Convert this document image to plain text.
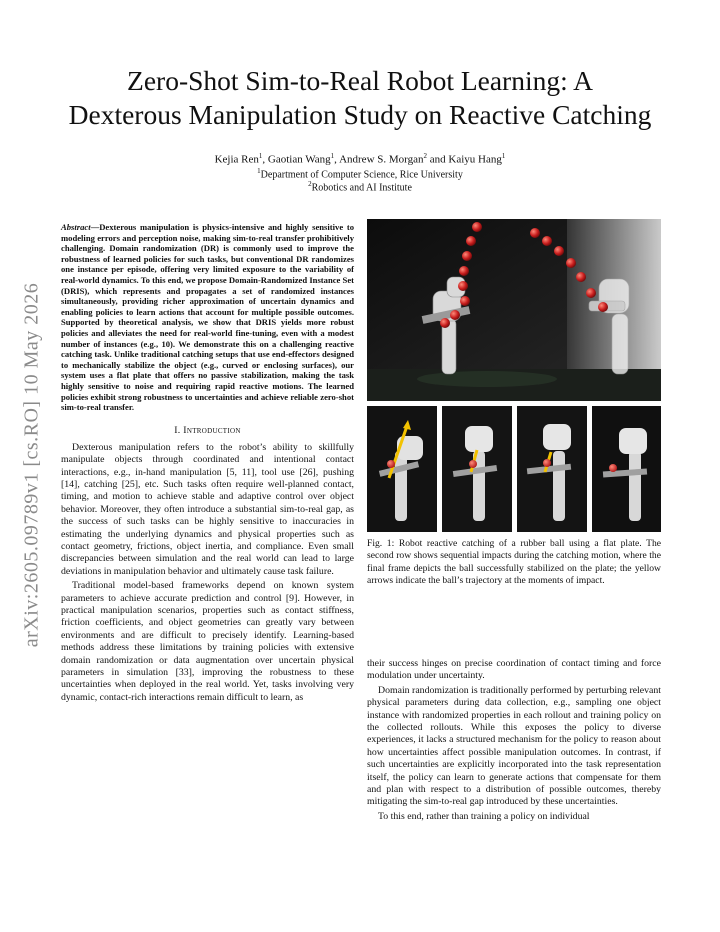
arXiv:2605.09789v1 [cs.RO] 10 May 2026
Zero-Shot Sim-to-Real Robot Learning: A
Dexterous Manipulation Study on Reactive Catching
Kejia Ren$^1$, Gaotian Wang$^1$, Andrew S. Morgan$^2$ and Kaiyu Hang$^1$
$^1$Department of Computer Science, Rice University
$^2$Robotics and AI Institute

Abstract—Dexterous manipulation is physics-intensive and highly sensitive to modeling errors and perception noise, making sim-to-real transfer prohibitively challenging. Domain randomization (DR) is commonly used to improve the robustness of learned policies for such tasks, but conventional DR randomizes one instance per episode, offering very limited exposure to the variability of real-world dynamics. To this end, we propose Domain-Randomized Instance Set (DRIS), which represents and propagates a set of randomized instances simultaneously, providing richer approximation of uncertain dynamics and enabling policies to learn actions that account for multiple possible outcomes. Supported by theoretical analysis, we show that DRIS yields more robust policies and alleviates the need for real-world fine-tuning, even with a modest number of instances (e.g., 10). We demonstrate this on a challenging reactive catching task. Unlike traditional catching setups that use end-effectors designed to mechanically stabilize the object (e.g., curved or enclosing surfaces), our system uses a flat plate that offers no passive stabilization, making the task highly sensitive to noise and requiring rapid reactive motions. The learned policies exhibit strong robustness to uncertainties and achieve reliable zero-shot sim-to-real transfer.

I. Introduction

Dexterous manipulation refers to the robot’s ability to skillfully manipulate objects through coordinated and intentional contact interactions, e.g., in-hand manipulation [5, 11], tool use [26], pushing [14], catching [25], etc. Such tasks often require well-planned contact, timing, and motion to achieve stable and adaptive control over object behavior. Moreover, they often introduce a substantial sim-to-real gap, as the success of such tasks can be highly sensitive to inaccuracies in estimating the underlying dynamics and physical properties such as contact geometry, frictions, object inertia, and compliance. Even small discrepancies between simulation and the real world can lead to large deviations in manipulation behavior and ultimately cause task failure.

Traditional model-based frameworks depend on known system parameters to achieve accurate prediction and control [9]. However, in practical manipulation scenarios, properties such as contact stiffness, friction coefficients, and object geometries can greatly vary between environments and are difficult to precisely identify. Learning-based methods address these limitations by training policies with extensive domain randomization or data augmentation over uncertain physical parameters in simulation [33], improving the robustness to these uncertainties when deployed in the real world. Yet, tasks involving very dynamic, contact-rich interactions remain difficult to learn, as

Fig. 1: Robot reactive catching of a rubber ball using a flat plate. The second row shows sequential impacts during the catching motion, where the final frame depicts the ball successfully stabilized on the plate; the yellow arrows indicate the ball’s trajectory at the moments of impact.

their success hinges on precise coordination of contact timing and force modulation under uncertainty.

Domain randomization is traditionally performed by perturbing relevant physical parameters during data collection, e.g., sampling one object instance with randomized properties in each rollout and training policy on the collected rollouts. While this exposes the policy to diverse experiences, it lacks a structured mechanism for the policy to reason about how uncertainties affect possible manipulation outcomes. In contrast, if such uncertainties are explicitly incorporated into the task representation itself, the policy can learn to generate actions that compensate for them and plan with respect to a distribution of possible outcomes, thereby mitigating the sim-to-real gap introduced by these uncertainties.

To this end, rather than training a policy on individual
